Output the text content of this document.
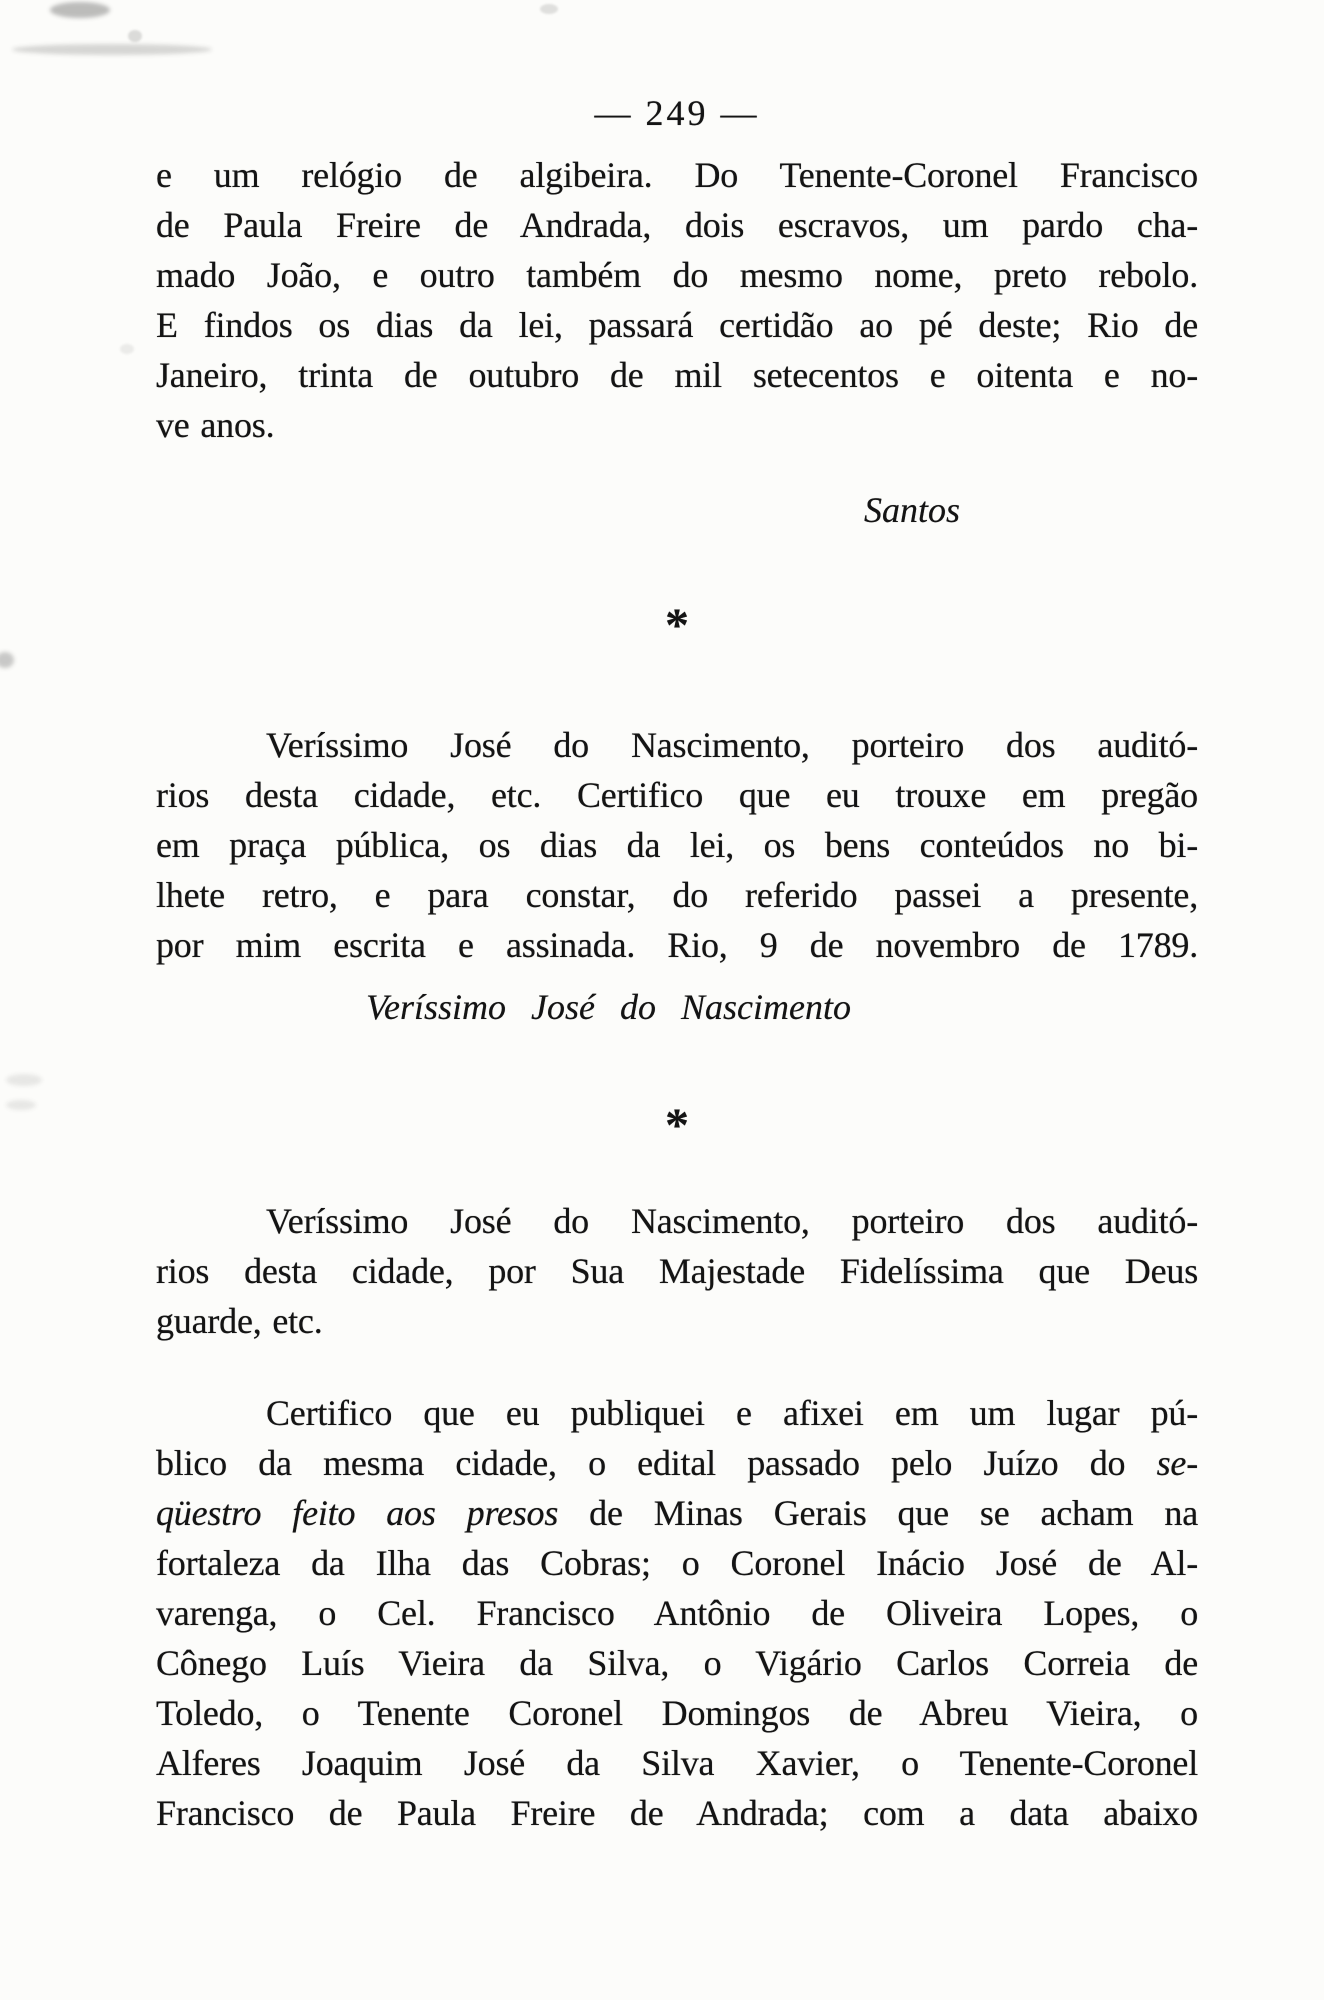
— 249 —
e um relógio de algibeira. Do Tenente-Coronel Francisco
de Paula Freire de Andrada, dois escravos, um pardo cha-
mado João, e outro também do mesmo nome, preto rebolo.
E findos os dias da lei, passará certidão ao pé deste; Rio de
Janeiro, trinta de outubro de mil setecentos e oitenta e no-
ve anos.
Santos
*
Veríssimo José do Nascimento, porteiro dos auditó-
rios desta cidade, etc. Certifico que eu trouxe em pregão
em praça pública, os dias da lei, os bens conteúdos no bi-
lhete retro, e para constar, do referido passei a presente,
por mim escrita e assinada. Rio, 9 de novembro de 1789.
Veríssimo José do Nascimento
*
Veríssimo José do Nascimento, porteiro dos auditó-
rios desta cidade, por Sua Majestade Fidelíssima que Deus
guarde, etc.
Certifico que eu publiquei e afixei em um lugar pú-
blico da mesma cidade, o edital passado pelo Juízo do se-
qüestro feito aos presos de Minas Gerais que se acham na
fortaleza da Ilha das Cobras; o Coronel Inácio José de Al-
varenga, o Cel. Francisco Antônio de Oliveira Lopes, o
Cônego Luís Vieira da Silva, o Vigário Carlos Correia de
Toledo, o Tenente Coronel Domingos de Abreu Vieira, o
Alferes Joaquim José da Silva Xavier, o Tenente-Coronel
Francisco de Paula Freire de Andrada; com a data abaixo
